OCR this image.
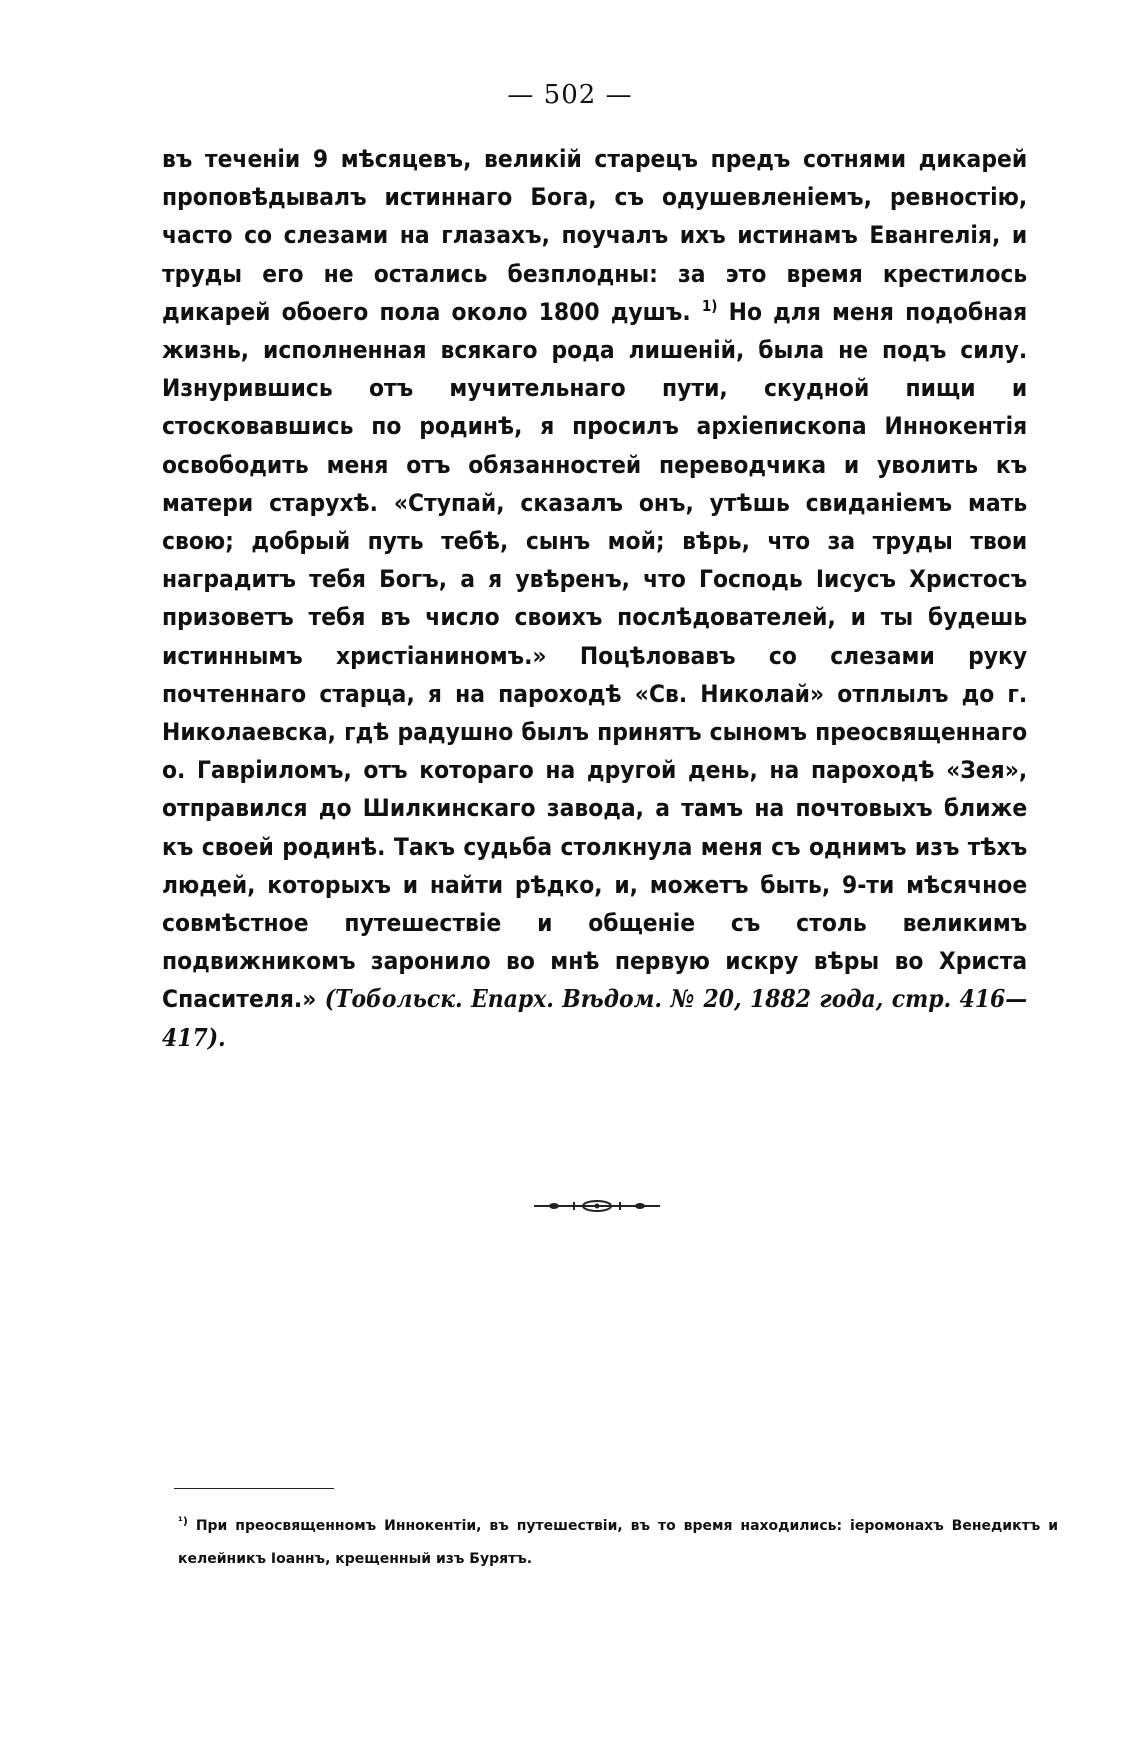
— 502 —

въ теченiи 9 мѣсяцевъ, великiй старецъ предъ сотнями дикарей проповѣдывалъ истиннаго Бога, съ одушевленiемъ, ревностiю, часто со слезами на глазахъ, поучалъ ихъ истинамъ Евангелiя, и труды его не остались безплодны: за это время крестилось дикарей обоего пола около 1800 душъ. $^{1)}$ Но для меня подобная жизнь, исполненная всякаго рода лишенiй, была не подъ силу. Изнурившись отъ мучительнаго пути, скудной пищи и стосковавшись по родинѣ, я просилъ архiепископа Иннокентiя освободить меня отъ обязанностей переводчика и уволить къ матери старухѣ. «Ступай, сказалъ онъ, утѣшь свиданiемъ мать свою; добрый путь тебѣ, сынъ мой; вѣрь, что за труды твои наградитъ тебя Богъ, а я увѣренъ, что Господь Iисусъ Христосъ призоветъ тебя въ число своихъ послѣдователей, и ты будешь истиннымъ христiаниномъ.» Поцѣловавъ со слезами руку почтеннаго старца, я на пароходѣ «Св. Николай» отплылъ до г. Николаевска, гдѣ радушно былъ принятъ сыномъ преосвященнаго о. Гаврiиломъ, отъ котораго на другой день, на пароходѣ «Зея», отправился до Шилкинскаго завода, а тамъ на почтовыхъ ближе къ своей родинѣ. Такъ судьба столкнула меня съ однимъ изъ тѣхъ людей, которыхъ и найти рѣдко, и, можетъ быть, 9-ти мѣсячное совмѣстное путешествiе и общенiе съ столь великимъ подвижникомъ заронило во мнѣ первую искру вѣры во Христа Спасителя.» (Тобольск. Епарх. Вѣдом. № 20, 1882 года, стр. 416—417).

$^{^1)}$ При преосвященномъ Иннокентiи, въ путешествiи, въ то время находились: iеромонахъ Венедиктъ и келейникъ Iоаннъ, крещенный изъ Бурятъ.
